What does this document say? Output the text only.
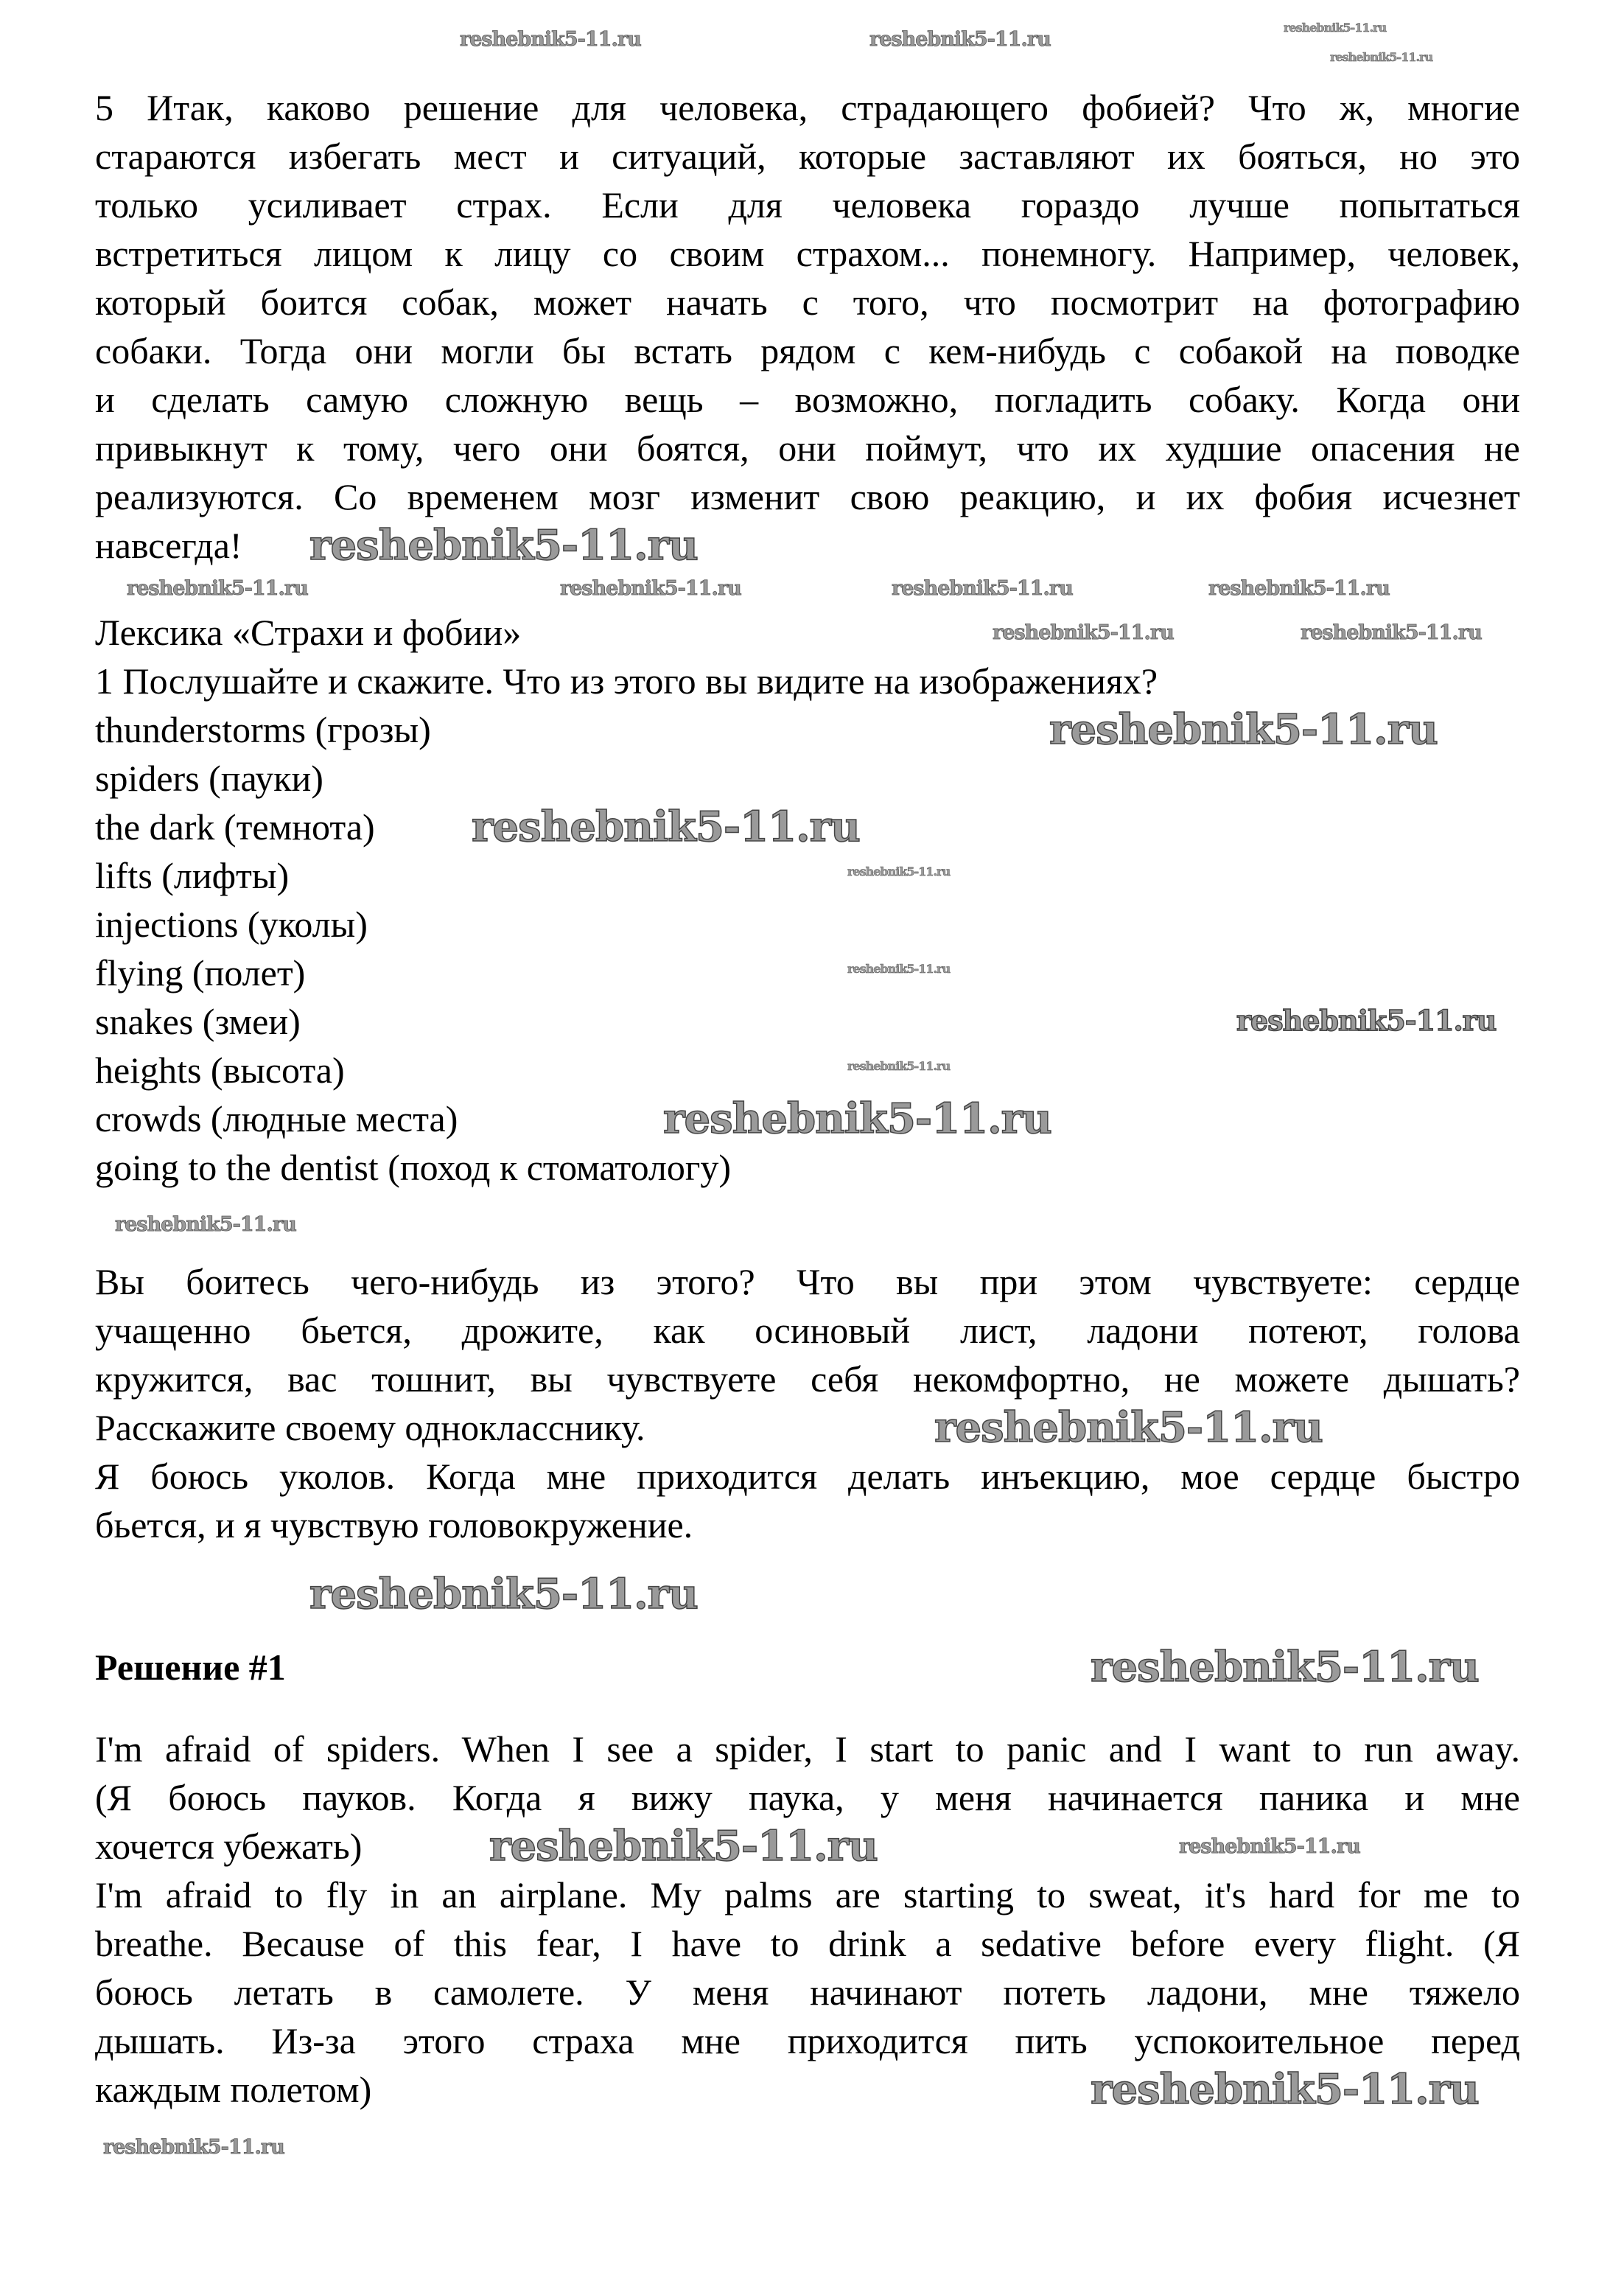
5 Итак, каково решение для человека, страдающего фобией? Что ж, многие
стараются избегать мест и ситуаций, которые заставляют их бояться, но это
только усиливает страх. Если для человека гораздо лучше попытаться
встретиться лицом к лицу со своим страхом... понемногу. Например, человек,
который боится собак, может начать с того, что посмотрит на фотографию
собаки. Тогда они могли бы встать рядом с кем-нибудь с собакой на поводке
и сделать самую сложную вещь – возможно, погладить собаку. Когда они
привыкнут к тому, чего они боятся, они поймут, что их худшие опасения не
реализуются. Со временем мозг изменит свою реакцию, и их фобия исчезнет
навсегда!
Лексика «Страхи и фобии»
1 Послушайте и скажите. Что из этого вы видите на изображениях?
thunderstorms (грозы)
spiders (пауки)
the dark (темнота)
lifts (лифты)
injections (уколы)
flying (полет)
snakes (змеи)
heights (высота)
crowds (людные места)
going to the dentist (поход к стоматологу)
Вы боитесь чего-нибудь из этого? Что вы при этом чувствуете: сердце
учащенно бьется, дрожите, как осиновый лист, ладони потеют, голова
кружится, вас тошнит, вы чувствуете себя некомфортно, не можете дышать?
Расскажите своему однокласснику.
Я боюсь уколов. Когда мне приходится делать инъекцию, мое сердце быстро
бьется, и я чувствую головокружение.
Решение #1
I'm afraid of spiders. When I see a spider, I start to panic and I want to run away.
(Я боюсь пауков. Когда я вижу паука, у меня начинается паника и мне
хочется убежать)
I'm afraid to fly in an airplane. My palms are starting to sweat, it's hard for me to
breathe. Because of this fear, I have to drink a sedative before every flight. (Я
боюсь летать в самолете. У меня начинают потеть ладони, мне тяжело
дышать. Из-за этого страха мне приходится пить успокоительное перед
каждым полетом)
reshebnik5-11.ru
reshebnik5-11.ru
reshebnik5-11.ru	reshebnik5-11.ru
reshebnik5-11.ru	reshebnik5-11.ru	reshebnik5-11.ru	reshebnik5-11.ru
reshebnik5-11.ru	reshebnik5-11.ru
reshebnik5-11.ru
reshebnik5-11.ru
reshebnik5-11.ru
reshebnik5-11.ru
reshebnik5-11.ru
reshebnik5-11.ru
reshebnik5-11.ru
reshebnik5-11.ru
reshebnik5-11.ru
reshebnik5-11.ru
reshebnik5-11.ru
reshebnik5-11.ru
reshebnik5-11.ru	reshebnik5-11.ru
reshebnik5-11.ru
reshebnik5-11.ru
